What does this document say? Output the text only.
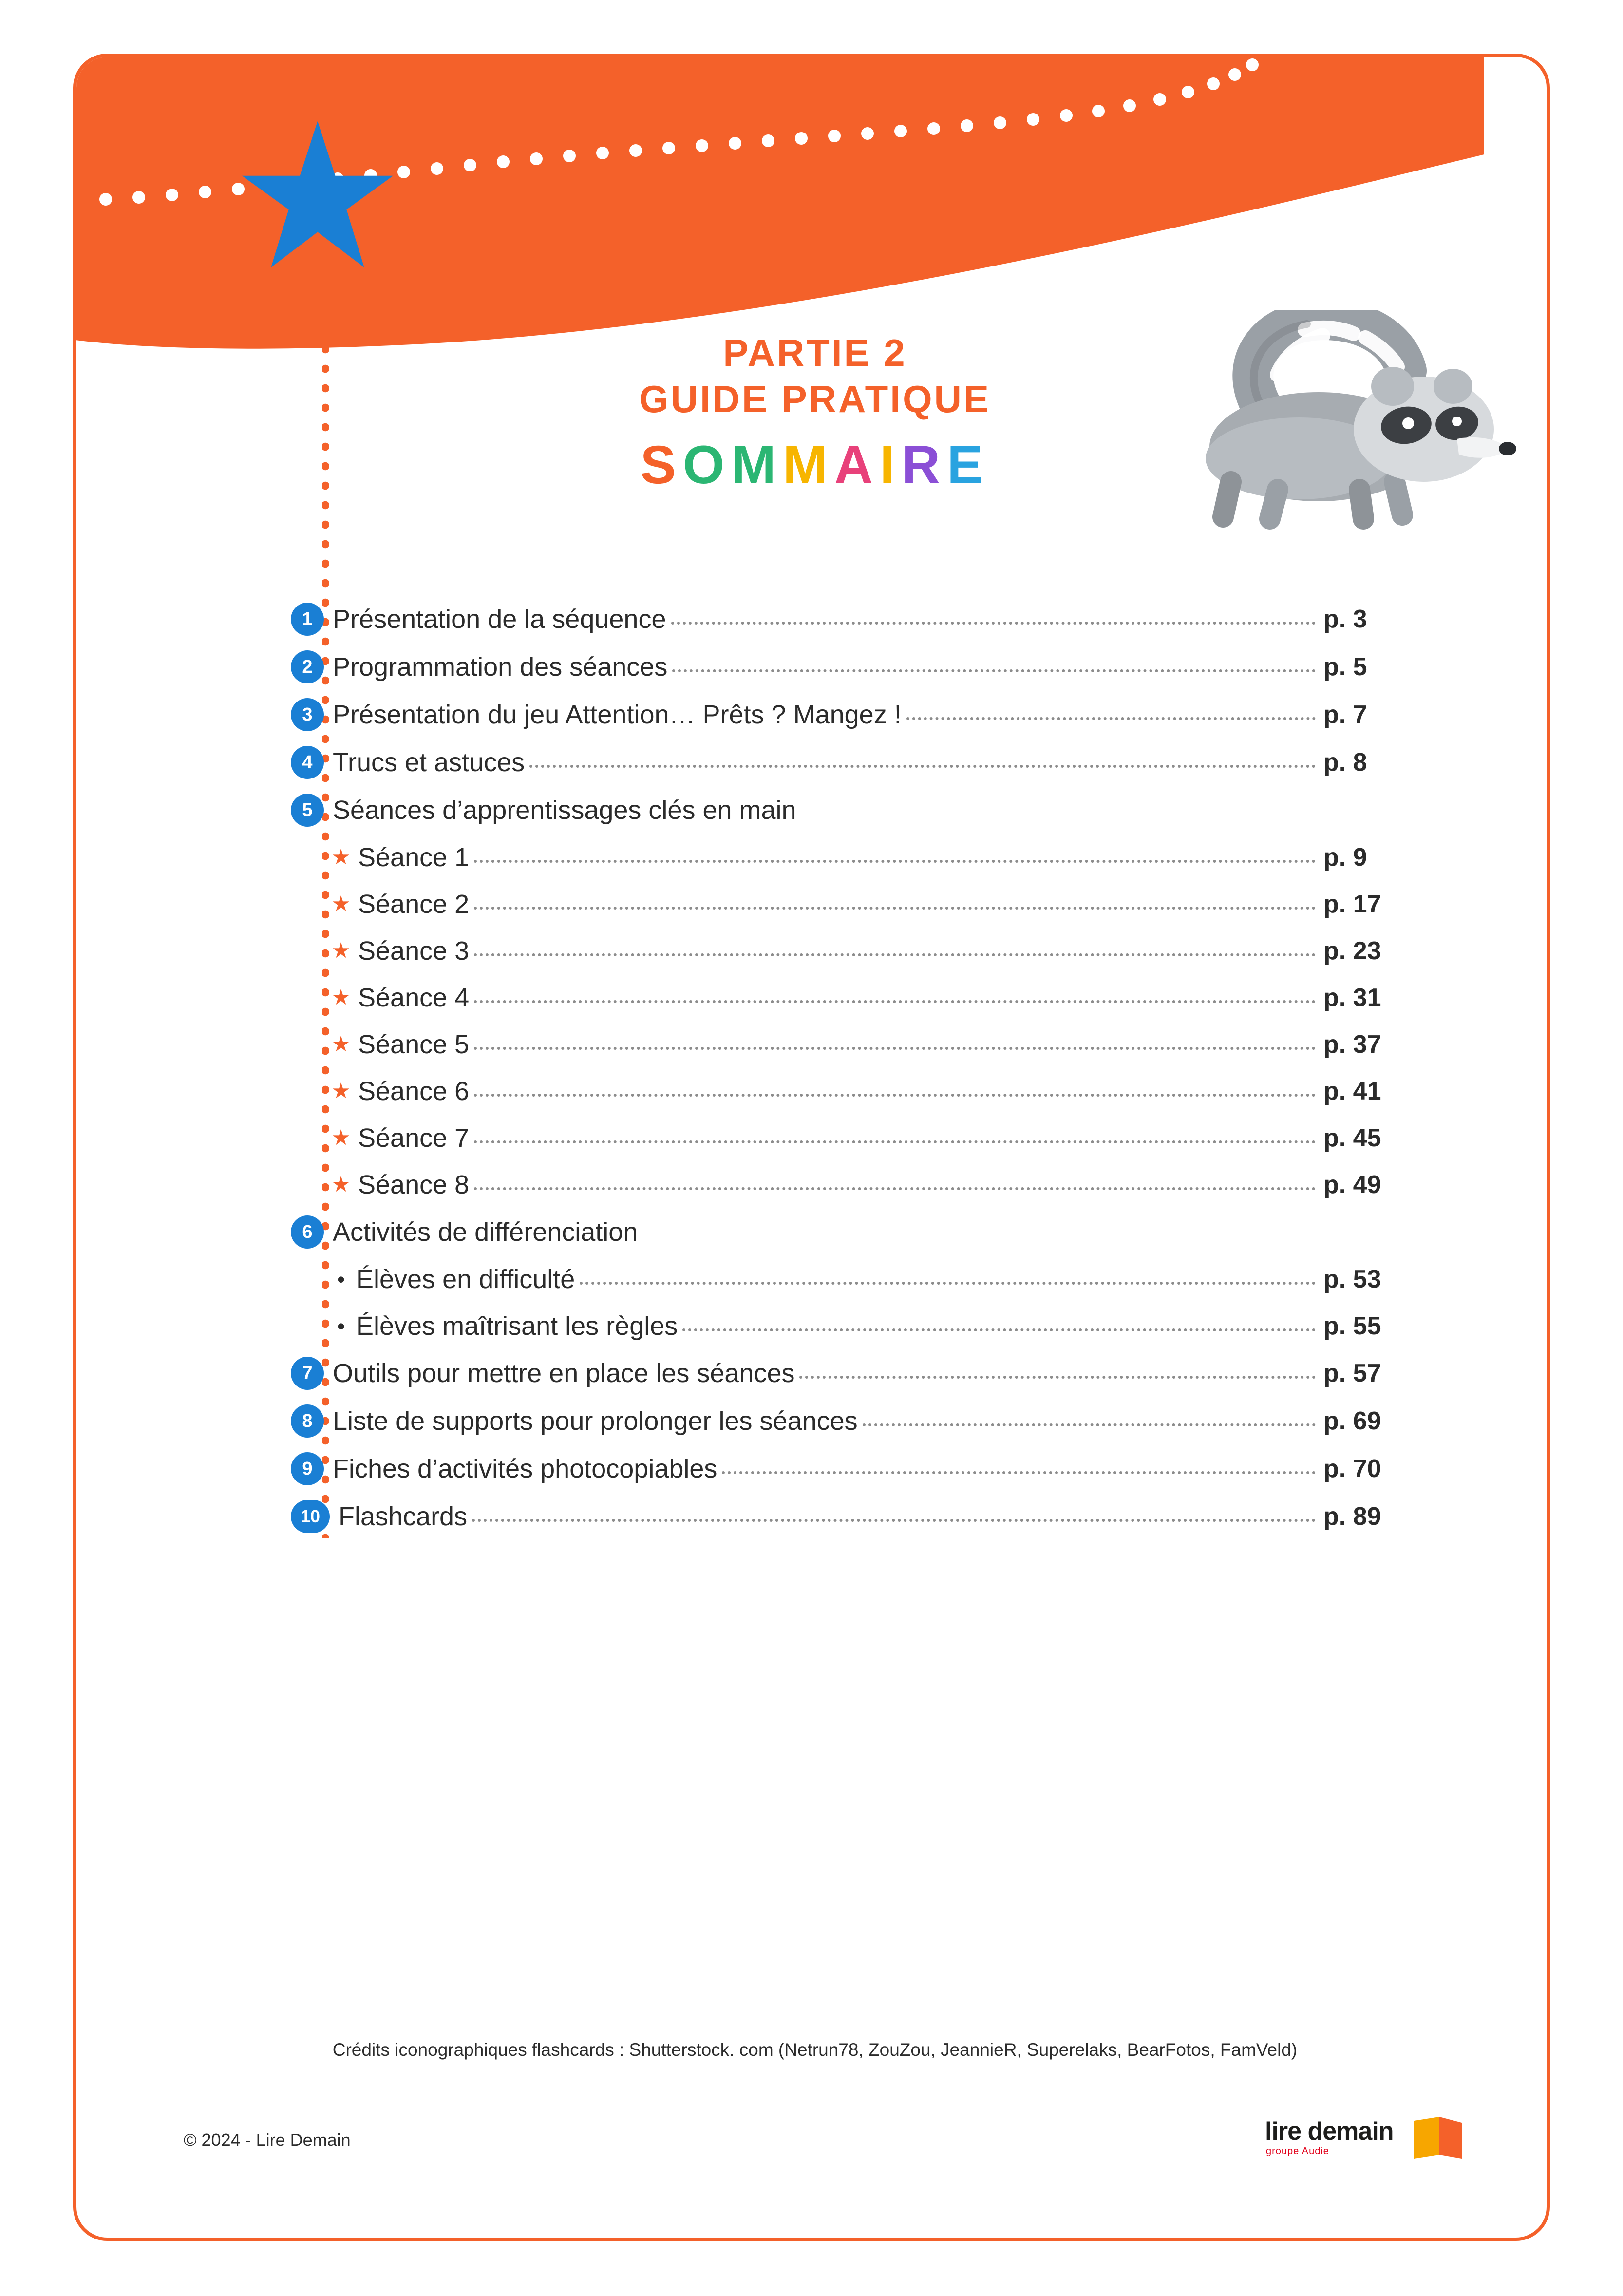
PARTIE 2
GUIDE PRATIQUE
SOMMAIRE
1 Présentation de la séquence	p. 3
2 Programmation des séances	p. 5
3 Présentation du jeu Attention… Prêts ? Mangez !	p. 7
4 Trucs et astuces	p. 8
5 Séances d’apprentissages clés en main
★ Séance 1	p. 9
★ Séance 2	p. 17
★ Séance 3	p. 23
★ Séance 4	p. 31
★ Séance 5	p. 37
★ Séance 6	p. 41
★ Séance 7	p. 45
★ Séance 8	p. 49
6 Activités de différenciation
• Élèves en difficulté	p. 53
• Élèves maîtrisant les règles	p. 55
7 Outils pour mettre en place les séances	p. 57
8 Liste de supports pour prolonger les séances	p. 69
9 Fiches d’activités photocopiables	p. 70
10 Flashcards	p. 89
Crédits iconographiques flashcards : Shutterstock. com (Netrun78, ZouZou, JeannieR, Superelaks, BearFotos, FamVeld)
© 2024 - Lire Demain	lire demain
groupe Audie
